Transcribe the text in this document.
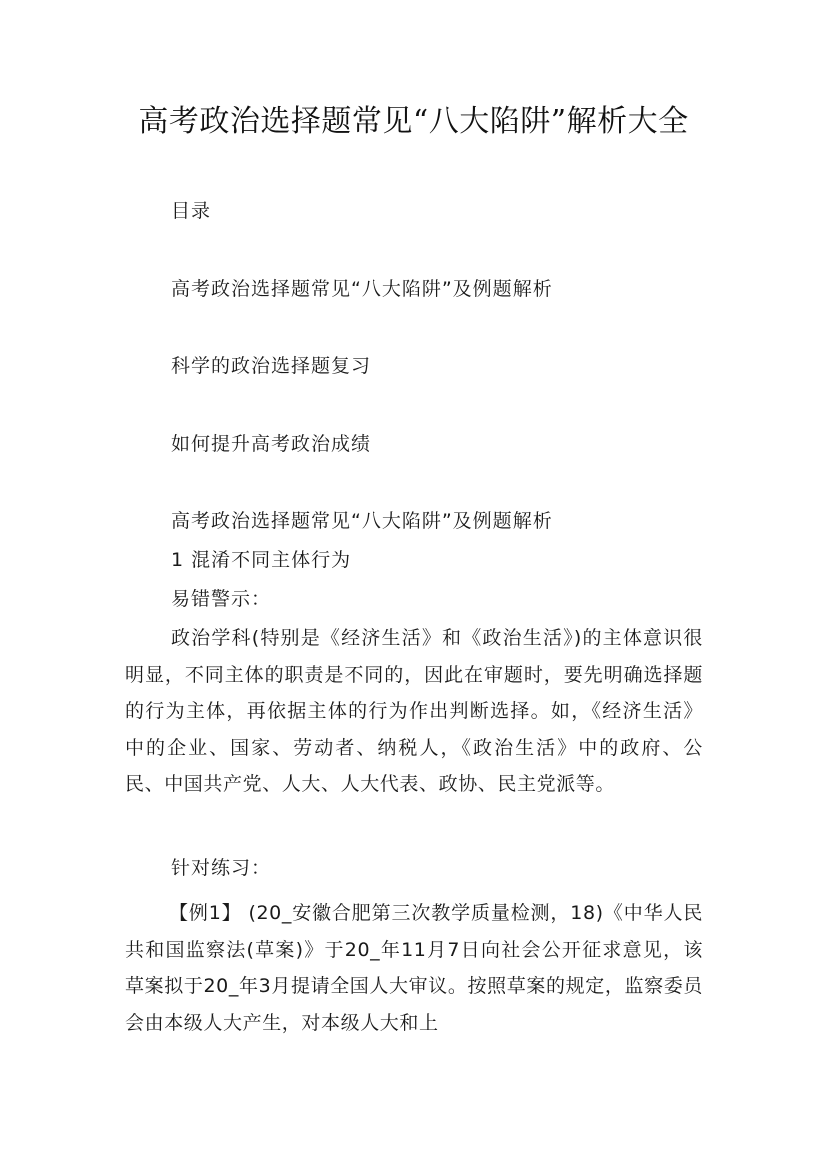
高考政治选择题常见“八大陷阱”解析大全
目录
高考政治选择题常见“八大陷阱”及例题解析
科学的政治选择题复习
如何提升高考政治成绩
高考政治选择题常见“八大陷阱”及例题解析
1 混淆不同主体行为
易错警示：

政治学科(特别是《经济生活》和《政治生活》)的主体意识很明显，不同主体的职责是不同的，因此在审题时，要先明确选择题的行为主体，再依据主体的行为作出判断选择。如，《经济生活》中的企业、国家、劳动者、纳税人，《政治生活》中的政府、公民、中国共产党、人大、人大代表、政协、民主党派等。

针对练习：

【例1】 (20_安徽合肥第三次教学质量检测，18)《中华人民共和国监察法(草案)》于20_年11月7日向社会公开征求意见，该草案拟于20_年3月提请全国人大审议。按照草案的规定，监察委员会由本级人大产生，对本级人大和上
